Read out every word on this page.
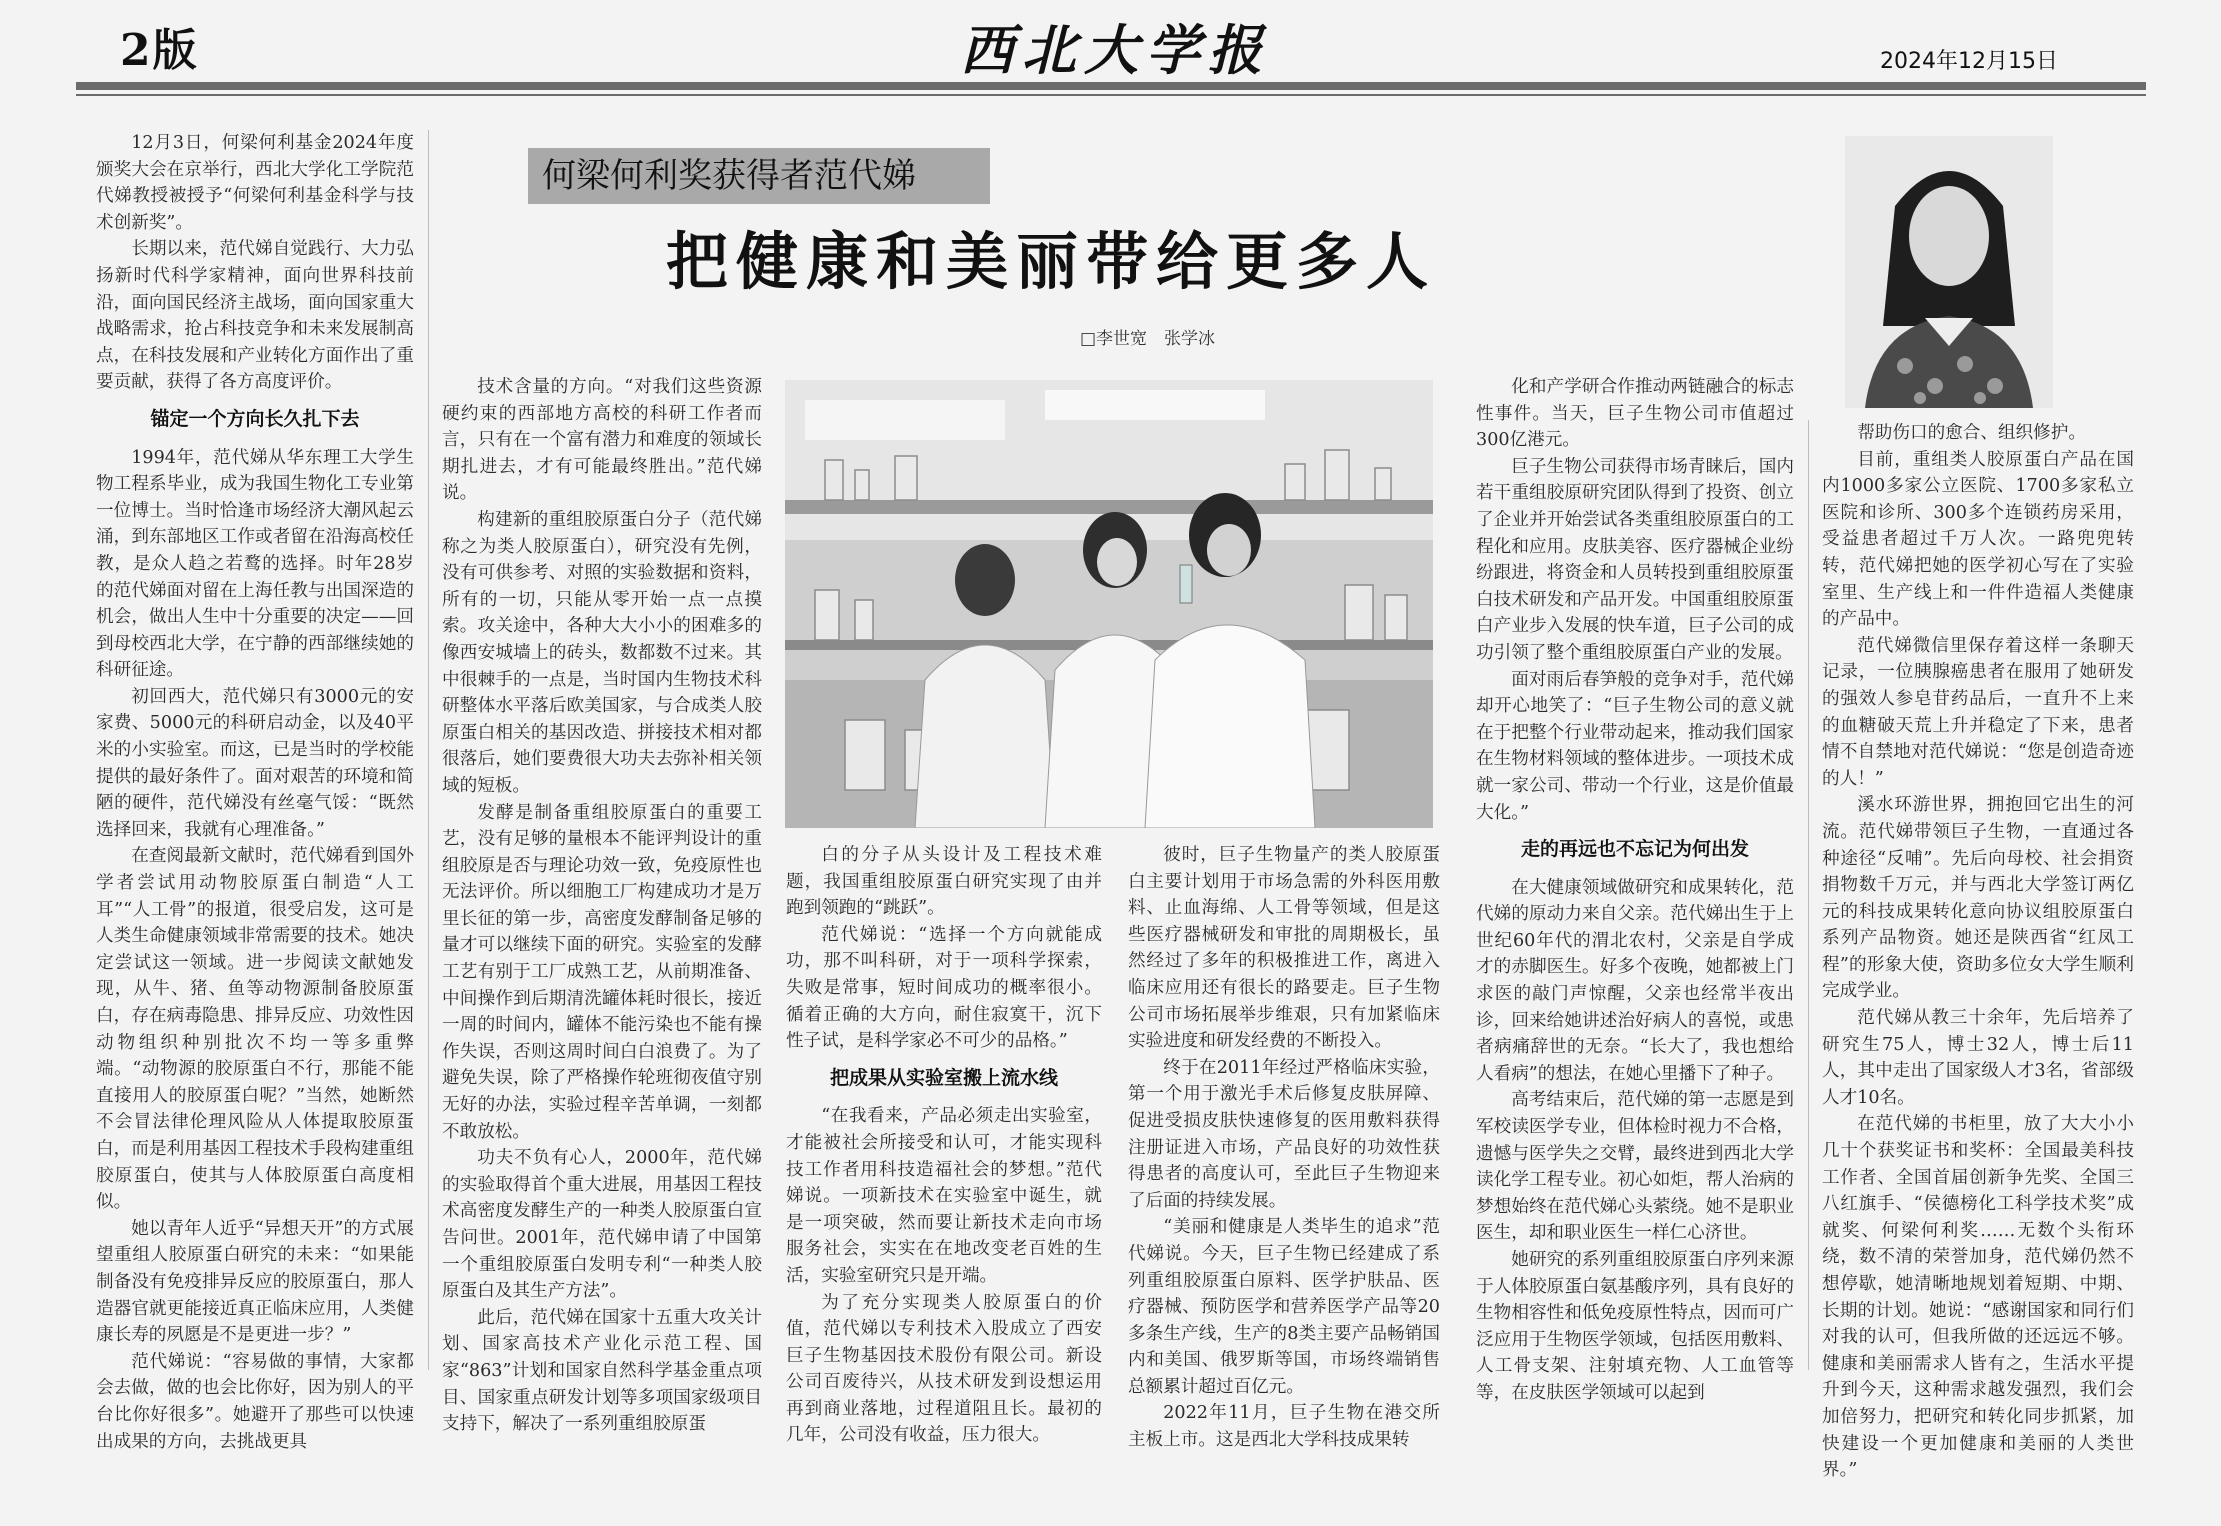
2版	西北大学报	2024年12月15日
何梁何利奖获得者范代娣
把健康和美丽带给更多人
□李世宽　张学冰

12月3日，何梁何利基金2024年度颁奖大会在京举行，西北大学化工学院范代娣教授被授予“何梁何利基金科学与技术创新奖”。

长期以来，范代娣自觉践行、大力弘扬新时代科学家精神，面向世界科技前沿，面向国民经济主战场，面向国家重大战略需求，抢占科技竞争和未来发展制高点，在科技发展和产业转化方面作出了重要贡献，获得了各方高度评价。

锚定一个方向长久扎下去

1994年，范代娣从华东理工大学生物工程系毕业，成为我国生物化工专业第一位博士。当时恰逢市场经济大潮风起云涌，到东部地区工作或者留在沿海高校任教，是众人趋之若鹜的选择。时年28岁的范代娣面对留在上海任教与出国深造的机会，做出人生中十分重要的决定——回到母校西北大学，在宁静的西部继续她的科研征途。

初回西大，范代娣只有3000元的安家费、5000元的科研启动金，以及40平米的小实验室。而这，已是当时的学校能提供的最好条件了。面对艰苦的环境和简陋的硬件，范代娣没有丝毫气馁：“既然选择回来，我就有心理准备。”

在查阅最新文献时，范代娣看到国外学者尝试用动物胶原蛋白制造“人工耳”“人工骨”的报道，很受启发，这可是人类生命健康领域非常需要的技术。她决定尝试这一领域。进一步阅读文献她发现，从牛、猪、鱼等动物源制备胶原蛋白，存在病毒隐患、排异反应、功效性因动物组织种别批次不均一等多重弊端。“动物源的胶原蛋白不行，那能不能直接用人的胶原蛋白呢？”当然，她断然不会冒法律伦理风险从人体提取胶原蛋白，而是利用基因工程技术手段构建重组胶原蛋白，使其与人体胶原蛋白高度相似。

她以青年人近乎“异想天开”的方式展望重组人胶原蛋白研究的未来：“如果能制备没有免疫排异反应的胶原蛋白，那人造器官就更能接近真正临床应用，人类健康长寿的夙愿是不是更进一步？”

范代娣说：“容易做的事情，大家都会去做，做的也会比你好，因为别人的平台比你好很多”。她避开了那些可以快速出成果的方向，去挑战更具

技术含量的方向。“对我们这些资源硬约束的西部地方高校的科研工作者而言，只有在一个富有潜力和难度的领域长期扎进去，才有可能最终胜出。”范代娣说。

构建新的重组胶原蛋白分子（范代娣称之为类人胶原蛋白），研究没有先例，没有可供参考、对照的实验数据和资料，所有的一切，只能从零开始一点一点摸索。攻关途中，各种大大小小的困难多的像西安城墙上的砖头，数都数不过来。其中很棘手的一点是，当时国内生物技术科研整体水平落后欧美国家，与合成类人胶原蛋白相关的基因改造、拼接技术相对都很落后，她们要费很大功夫去弥补相关领域的短板。

发酵是制备重组胶原蛋白的重要工艺，没有足够的量根本不能评判设计的重组胶原是否与理论功效一致，免疫原性也无法评价。所以细胞工厂构建成功才是万里长征的第一步，高密度发酵制备足够的量才可以继续下面的研究。实验室的发酵工艺有别于工厂成熟工艺，从前期准备、中间操作到后期清洗罐体耗时很长，接近一周的时间内，罐体不能污染也不能有操作失误，否则这周时间白白浪费了。为了避免失误，除了严格操作轮班彻夜值守别无好的办法，实验过程辛苦单调，一刻都不敢放松。

功夫不负有心人，2000年，范代娣的实验取得首个重大进展，用基因工程技术高密度发酵生产的一种类人胶原蛋白宣告问世。2001年，范代娣申请了中国第一个重组胶原蛋白发明专利“一种类人胶原蛋白及其生产方法”。

此后，范代娣在国家十五重大攻关计划、国家高技术产业化示范工程、国家“863”计划和国家自然科学基金重点项目、国家重点研发计划等多项国家级项目支持下，解决了一系列重组胶原蛋

白的分子从头设计及工程技术难题，我国重组胶原蛋白研究实现了由并跑到领跑的“跳跃”。

范代娣说：“选择一个方向就能成功，那不叫科研，对于一项科学探索，失败是常事，短时间成功的概率很小。循着正确的大方向，耐住寂寞干，沉下性子试，是科学家必不可少的品格。”

把成果从实验室搬上流水线

“在我看来，产品必须走出实验室，才能被社会所接受和认可，才能实现科技工作者用科技造福社会的梦想。”范代娣说。一项新技术在实验室中诞生，就是一项突破，然而要让新技术走向市场服务社会，实实在在地改变老百姓的生活，实验室研究只是开端。

为了充分实现类人胶原蛋白的价值，范代娣以专利技术入股成立了西安巨子生物基因技术股份有限公司。新设公司百废待兴，从技术研发到设想运用再到商业落地，过程道阻且长。最初的几年，公司没有收益，压力很大。

彼时，巨子生物量产的类人胶原蛋白主要计划用于市场急需的外科医用敷料、止血海绵、人工骨等领域，但是这些医疗器械研发和审批的周期极长，虽然经过了多年的积极推进工作，离进入临床应用还有很长的路要走。巨子生物公司市场拓展举步维艰，只有加紧临床实验进度和研发经费的不断投入。

终于在2011年经过严格临床实验，第一个用于激光手术后修复皮肤屏障、促进受损皮肤快速修复的医用敷料获得注册证进入市场，产品良好的功效性获得患者的高度认可，至此巨子生物迎来了后面的持续发展。

“美丽和健康是人类毕生的追求”范代娣说。今天，巨子生物已经建成了系列重组胶原蛋白原料、医学护肤品、医疗器械、预防医学和营养医学产品等20多条生产线，生产的8类主要产品畅销国内和美国、俄罗斯等国，市场终端销售总额累计超过百亿元。

2022年11月，巨子生物在港交所主板上市。这是西北大学科技成果转

化和产学研合作推动两链融合的标志性事件。当天，巨子生物公司市值超过300亿港元。

巨子生物公司获得市场青睐后，国内若干重组胶原研究团队得到了投资、创立了企业并开始尝试各类重组胶原蛋白的工程化和应用。皮肤美容、医疗器械企业纷纷跟进，将资金和人员转投到重组胶原蛋白技术研发和产品开发。中国重组胶原蛋白产业步入发展的快车道，巨子公司的成功引领了整个重组胶原蛋白产业的发展。

面对雨后春笋般的竞争对手，范代娣却开心地笑了：“巨子生物公司的意义就在于把整个行业带动起来，推动我们国家在生物材料领域的整体进步。一项技术成就一家公司、带动一个行业，这是价值最大化。”

走的再远也不忘记为何出发

在大健康领域做研究和成果转化，范代娣的原动力来自父亲。范代娣出生于上世纪60年代的渭北农村，父亲是自学成才的赤脚医生。好多个夜晚，她都被上门求医的敲门声惊醒，父亲也经常半夜出诊，回来给她讲述治好病人的喜悦，或患者病痛辞世的无奈。“长大了，我也想给人看病”的想法，在她心里播下了种子。

高考结束后，范代娣的第一志愿是到军校读医学专业，但体检时视力不合格，遗憾与医学失之交臂，最终进到西北大学读化学工程专业。初心如炬，帮人治病的梦想始终在范代娣心头萦绕。她不是职业医生，却和职业医生一样仁心济世。

她研究的系列重组胶原蛋白序列来源于人体胶原蛋白氨基酸序列，具有良好的生物相容性和低免疫原性特点，因而可广泛应用于生物医学领域，包括医用敷料、人工骨支架、注射填充物、人工血管等等，在皮肤医学领域可以起到

帮助伤口的愈合、组织修护。

目前，重组类人胶原蛋白产品在国内1000多家公立医院、1700多家私立医院和诊所、300多个连锁药房采用，受益患者超过千万人次。一路兜兜转转，范代娣把她的医学初心写在了实验室里、生产线上和一件件造福人类健康的产品中。

范代娣微信里保存着这样一条聊天记录，一位胰腺癌患者在服用了她研发的强效人参皂苷药品后，一直升不上来的血糖破天荒上升并稳定了下来，患者情不自禁地对范代娣说：“您是创造奇迹的人！”

溪水环游世界，拥抱回它出生的河流。范代娣带领巨子生物，一直通过各种途径“反哺”。先后向母校、社会捐资捐物数千万元，并与西北大学签订两亿元的科技成果转化意向协议组胶原蛋白系列产品物资。她还是陕西省“红凤工程”的形象大使，资助多位女大学生顺利完成学业。

范代娣从教三十余年，先后培养了研究生75人，博士32人，博士后11人，其中走出了国家级人才3名，省部级人才10名。

在范代娣的书柜里，放了大大小小几十个获奖证书和奖杯：全国最美科技工作者、全国首届创新争先奖、全国三八红旗手、“侯德榜化工科学技术奖”成就奖、何梁何利奖……无数个头衔环绕，数不清的荣誉加身，范代娣仍然不想停歇，她清晰地规划着短期、中期、长期的计划。她说：“感谢国家和同行们对我的认可，但我所做的还远远不够。健康和美丽需求人皆有之，生活水平提升到今天，这种需求越发强烈，我们会加倍努力，把研究和转化同步抓紧，加快建设一个更加健康和美丽的人类世界。”
